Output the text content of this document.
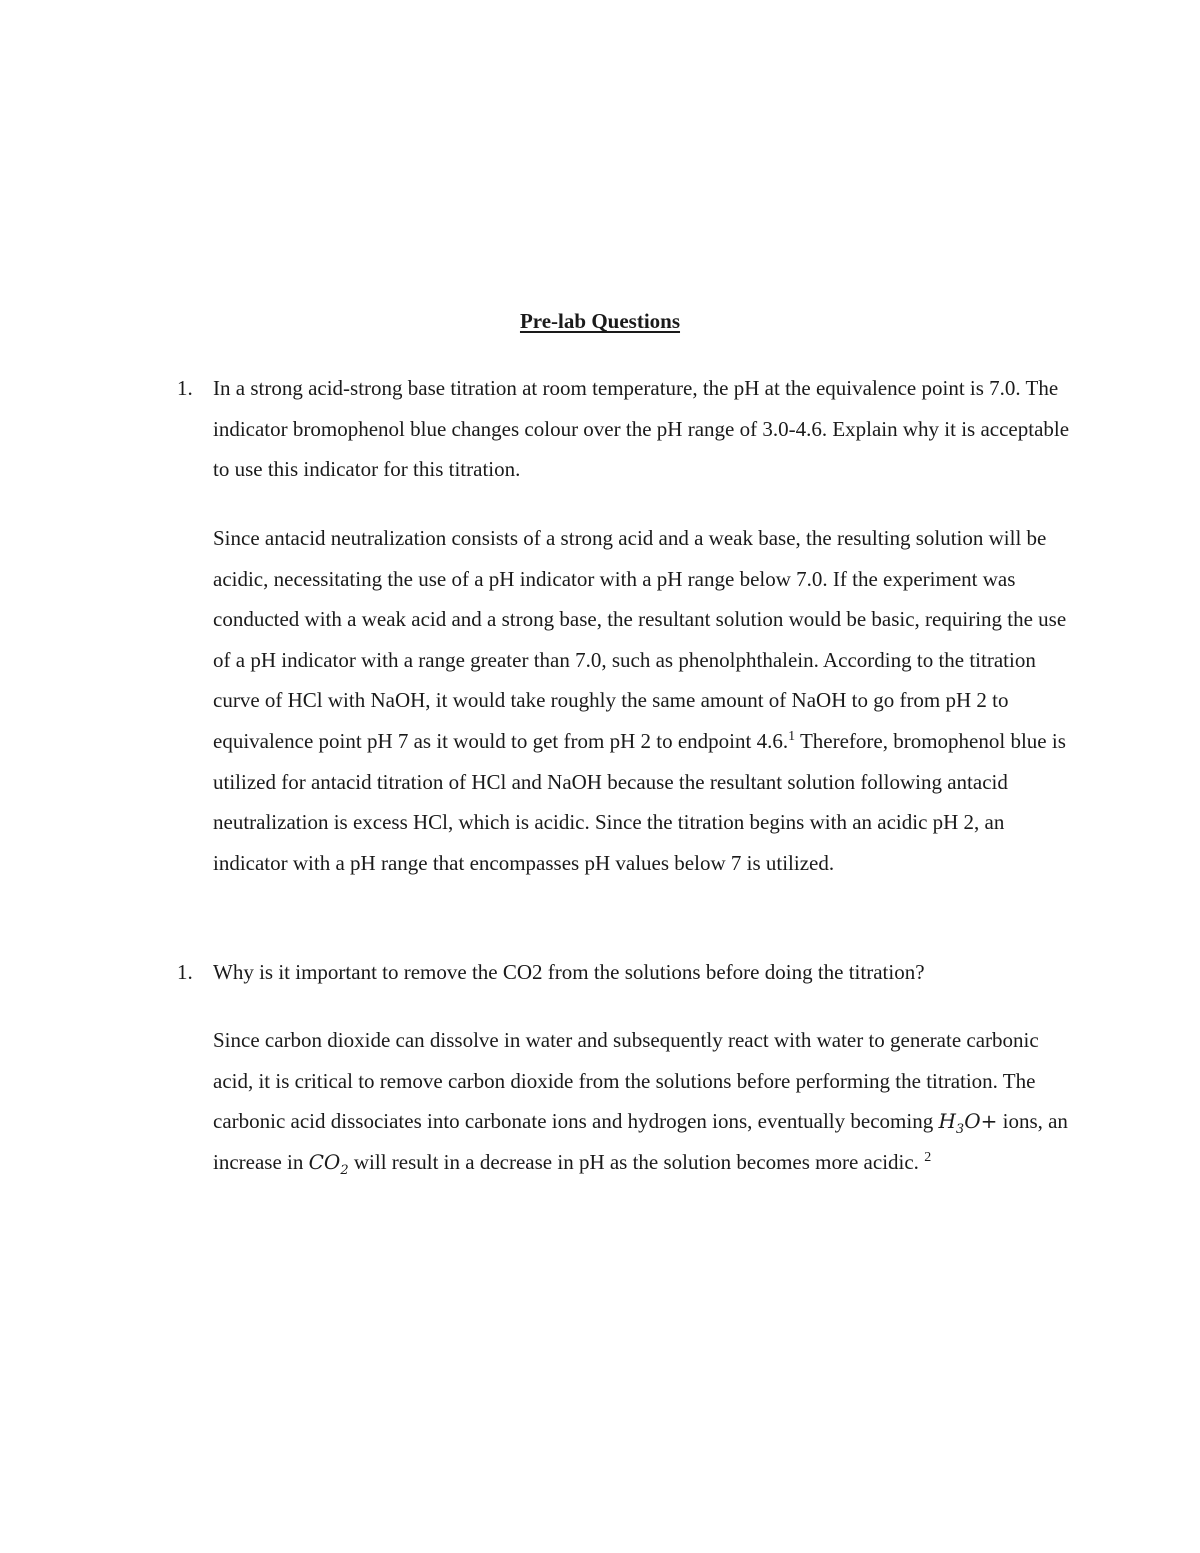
Pre-lab Questions
1. In a strong acid-strong base titration at room temperature, the pH at the equivalence point is 7.0. The indicator bromophenol blue changes colour over the pH range of 3.0-4.6. Explain why it is acceptable to use this indicator for this titration.
Since antacid neutralization consists of a strong acid and a weak base, the resulting solution will be acidic, necessitating the use of a pH indicator with a pH range below 7.0. If the experiment was conducted with a weak acid and a strong base, the resultant solution would be basic, requiring the use of a pH indicator with a range greater than 7.0, such as phenolphthalein. According to the titration curve of HCl with NaOH, it would take roughly the same amount of NaOH to go from pH 2 to equivalence point pH 7 as it would to get from pH 2 to endpoint 4.6.$^1$ Therefore, bromophenol blue is utilized for antacid titration of HCl and NaOH because the resultant solution following antacid neutralization is excess HCl, which is acidic. Since the titration begins with an acidic pH 2, an indicator with a pH range that encompasses pH values below 7 is utilized.
1. Why is it important to remove the CO2 from the solutions before doing the titration?
Since carbon dioxide can dissolve in water and subsequently react with water to generate carbonic acid, it is critical to remove carbon dioxide from the solutions before performing the titration. The carbonic acid dissociates into carbonate ions and hydrogen ions, eventually becoming $H_3O+$ ions, an increase in $CO_2$ will result in a decrease in pH as the solution becomes more acidic. $^2$
